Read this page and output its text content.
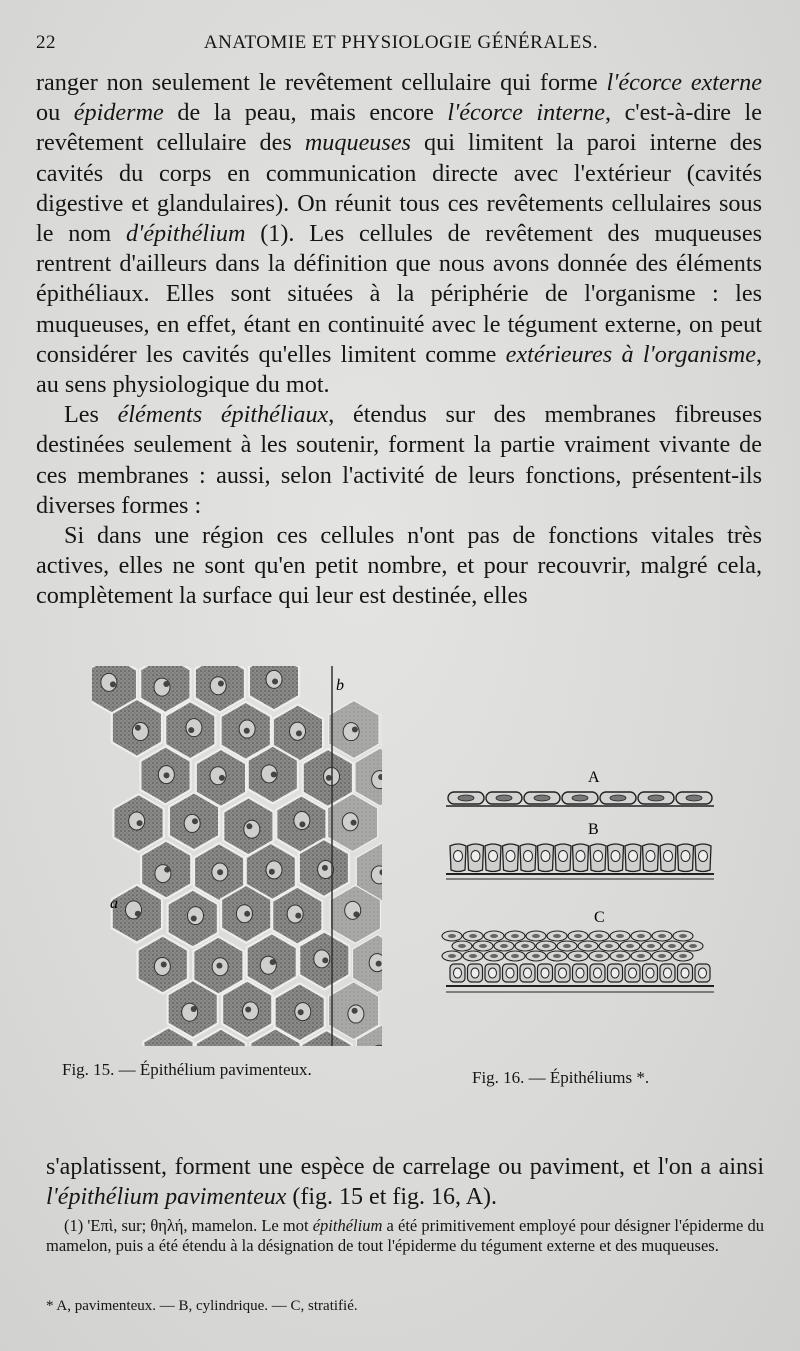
22	ANATOMIE ET PHYSIOLOGIE GÉNÉRALES.

ranger non seulement le revêtement cellulaire qui forme l'écorce externe ou épiderme de la peau, mais encore l'écorce interne, c'est-à-dire le revêtement cellulaire des muqueuses qui limitent la paroi interne des cavités du corps en communication directe avec l'extérieur (cavités digestive et glandulaires). On réunit tous ces revêtements cellulaires sous le nom d'épithélium (1). Les cellules de revêtement des muqueuses rentrent d'ailleurs dans la définition que nous avons donnée des éléments épithéliaux. Elles sont situées à la périphérie de l'organisme : les muqueuses, en effet, étant en continuité avec le tégument externe, on peut considérer les cavités qu'elles limitent comme extérieures à l'organisme, au sens physiologique du mot.

Les éléments épithéliaux, étendus sur des membranes fibreuses destinées seulement à les soutenir, forment la partie vraiment vivante de ces membranes : aussi, selon l'activité de leurs fonctions, présentent-ils diverses formes :

Si dans une région ces cellules n'ont pas de fonctions vitales très actives, elles ne sont qu'en petit nombre, et pour recouvrir, malgré cela, complètement la surface qui leur est destinée, elles

b
a
A
B
C
Fig. 15. — Épithélium pavimenteux.	Fig. 16. — Épithéliums *.

s'aplatissent, forment une espèce de carrelage ou paviment, et l'on a ainsi l'épithélium pavimenteux (fig. 15 et fig. 16, A).

(1) 'Επὶ, sur; θηλή, mamelon. Le mot épithélium a été primitivement employé pour désigner l'épiderme du mamelon, puis a été étendu à la désignation de tout l'épiderme du tégument externe et des muqueuses.

* A, pavimenteux. — B, cylindrique. — C, stratifié.
